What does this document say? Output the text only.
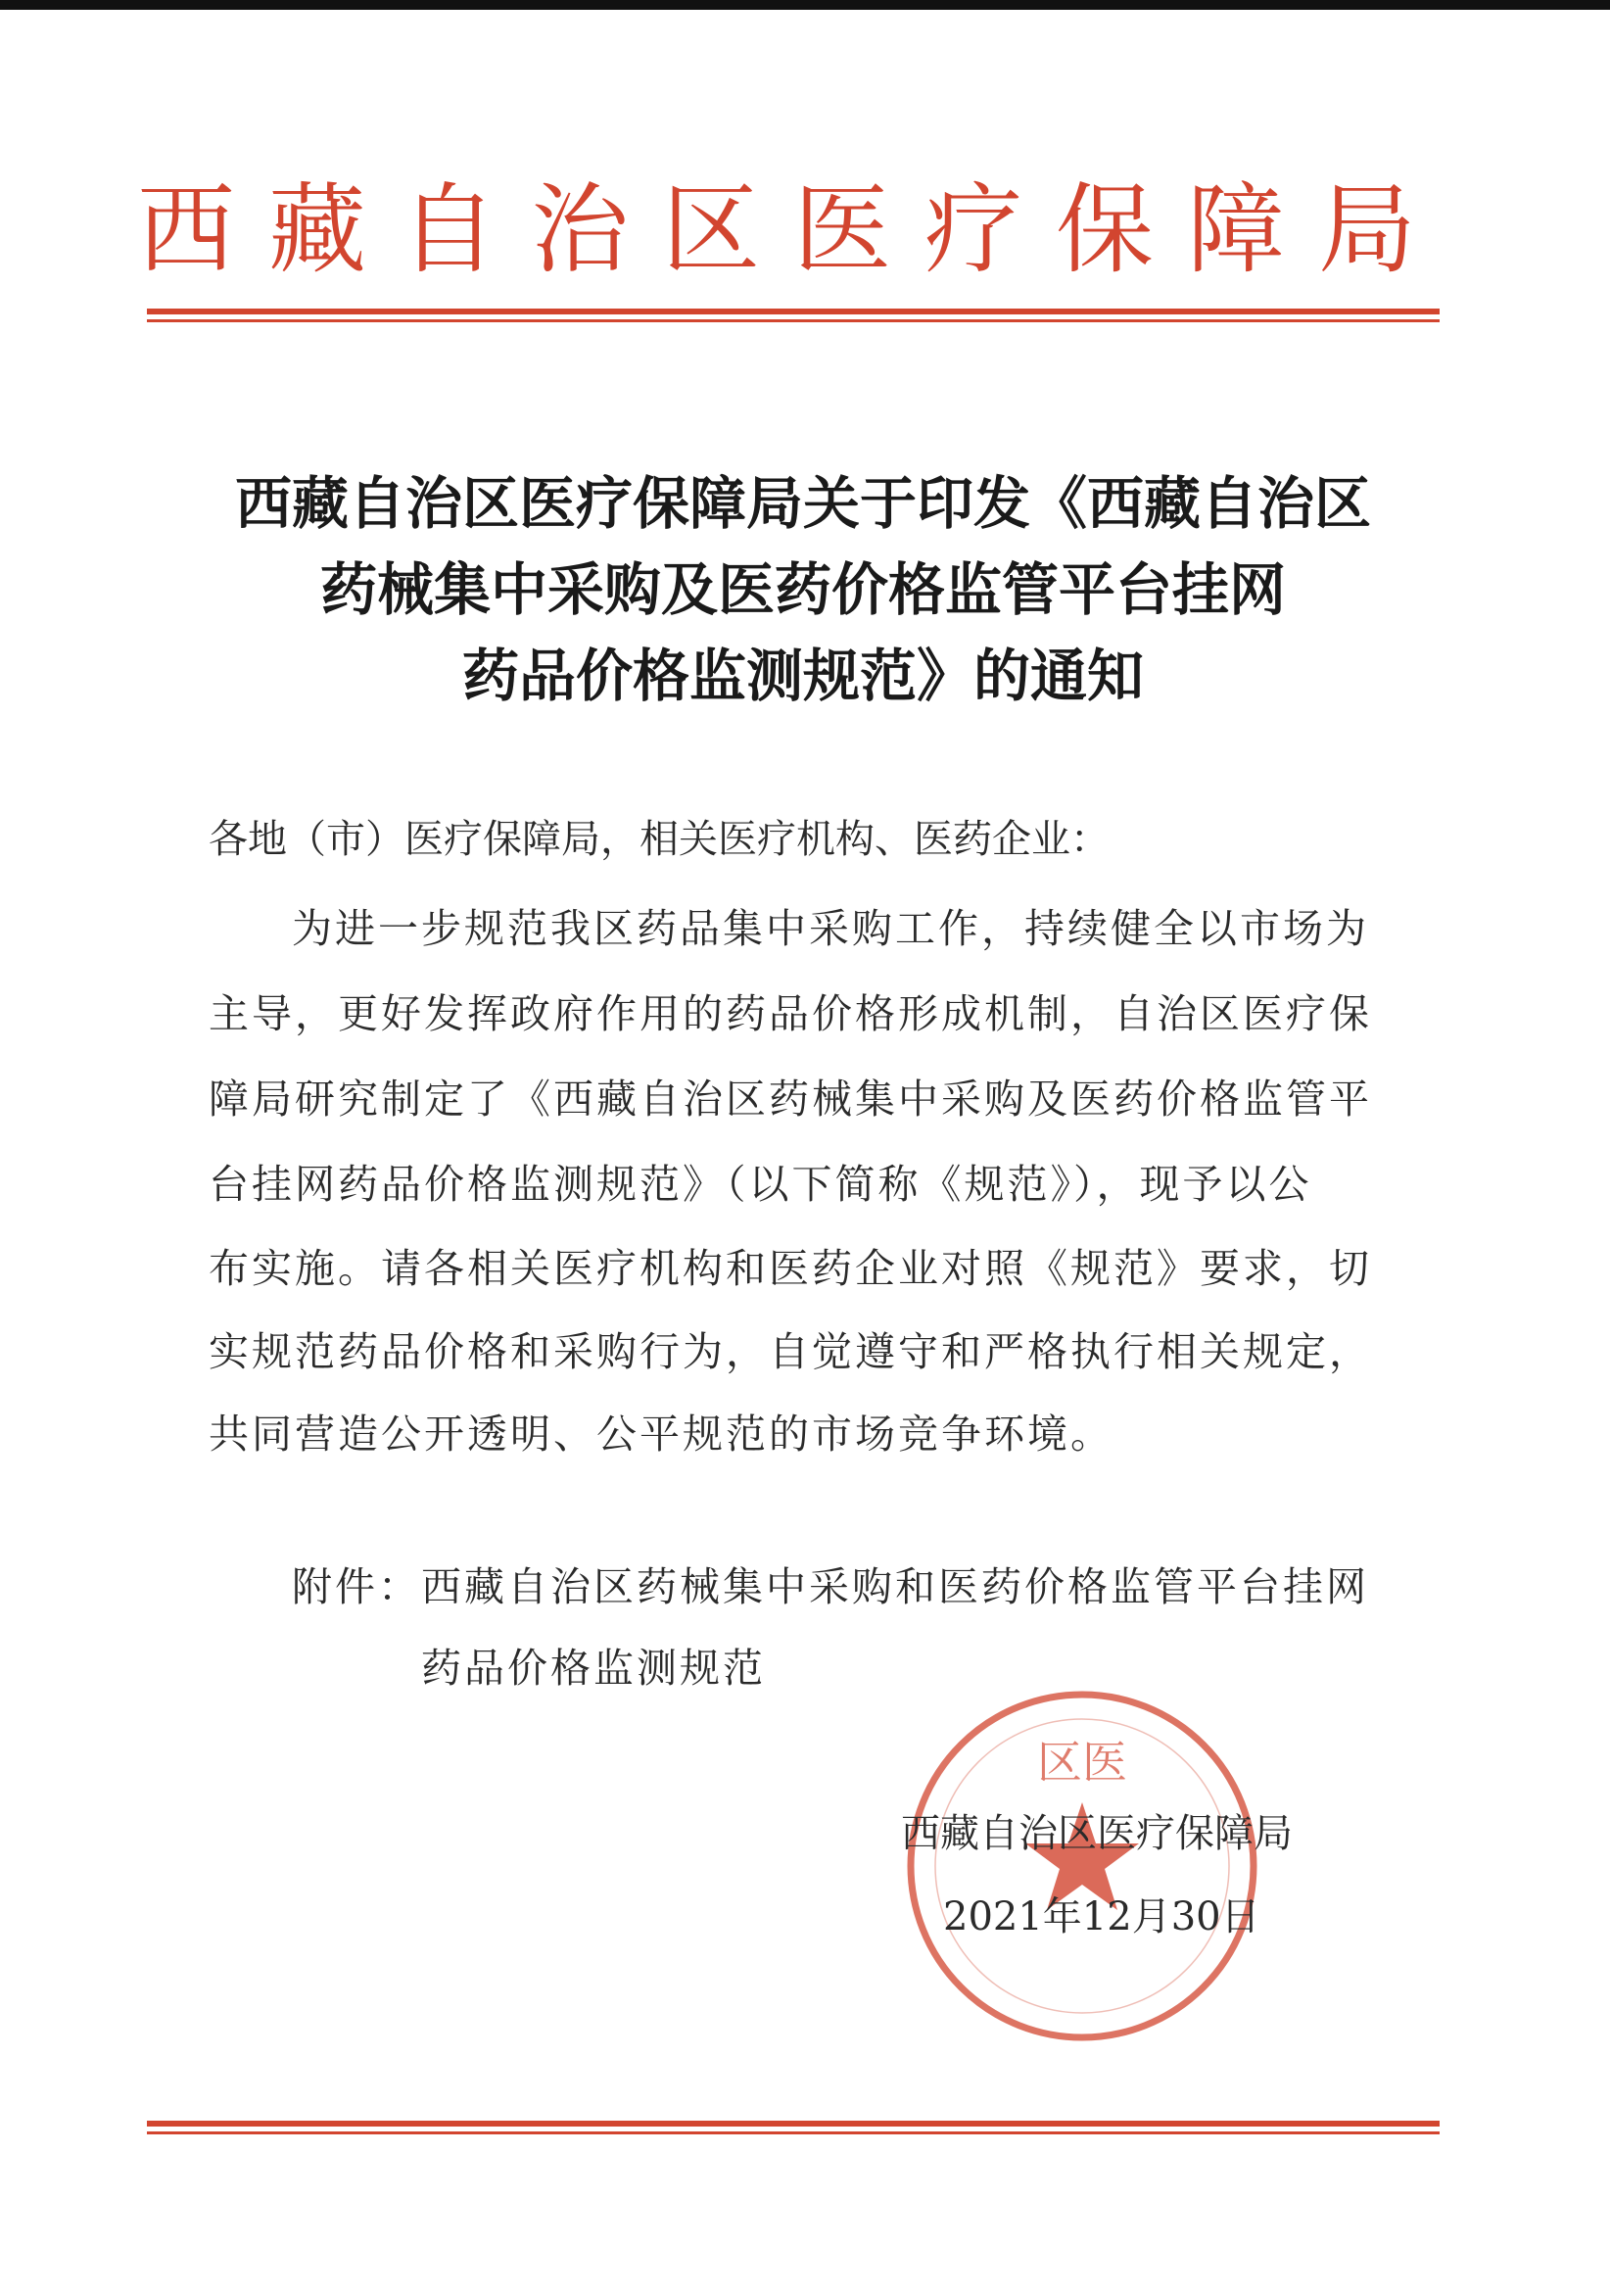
西藏自治区医疗保障局
西藏自治区医疗保障局关于印发《西藏自治区
药械集中采购及医药价格监管平台挂网
药品价格监测规范》的通知
各地（市）医疗保障局，相关医疗机构、医药企业：
为进一步规范我区药品集中采购工作，持续健全以市场为
主导，更好发挥政府作用的药品价格形成机制，自治区医疗保
障局研究制定了《西藏自治区药械集中采购及医药价格监管平
台挂网药品价格监测规范》（以下简称《规范》），现予以公
布实施。请各相关医疗机构和医药企业对照《规范》要求，切
实规范药品价格和采购行为，自觉遵守和严格执行相关规定，
共同营造公开透明、公平规范的市场竞争环境。
附件：西藏自治区药械集中采购和医药价格监管平台挂网
药品价格监测规范
区医
西藏自治区医疗保障局
2021年12月30日
